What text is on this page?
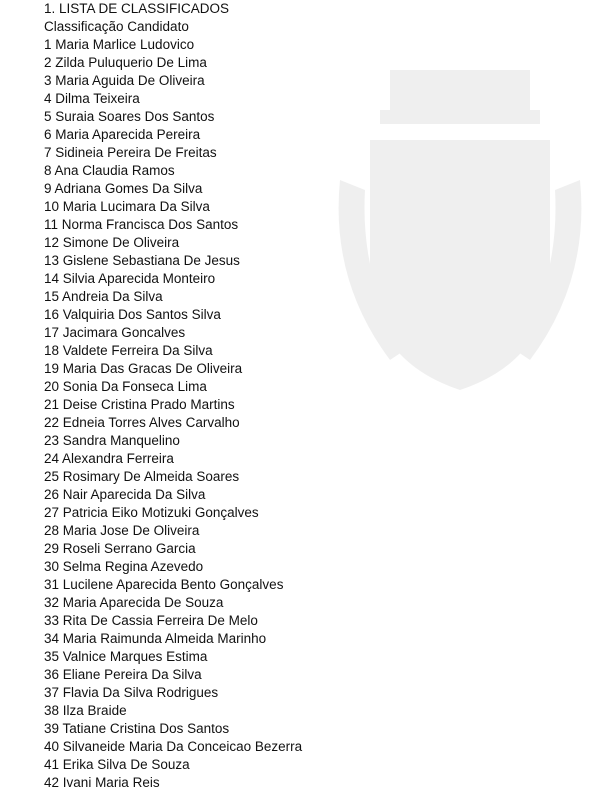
1. LISTA DE CLASSIFICADOS
Classificação Candidato
1 Maria Marlice Ludovico
2 Zilda Puluquerio De Lima
3 Maria Aguida De Oliveira
4 Dilma Teixeira
5 Suraia Soares Dos Santos
6 Maria Aparecida Pereira
7 Sidineia Pereira De Freitas
8 Ana Claudia Ramos
9 Adriana Gomes Da Silva
10 Maria Lucimara Da Silva
11 Norma Francisca Dos Santos
12 Simone De Oliveira
13 Gislene Sebastiana De Jesus
14 Silvia Aparecida Monteiro
15 Andreia Da Silva
16 Valquiria Dos Santos Silva
17 Jacimara Goncalves
18 Valdete Ferreira Da Silva
19 Maria Das Gracas De Oliveira
20 Sonia Da Fonseca Lima
21 Deise Cristina Prado Martins
22 Edneia Torres Alves Carvalho
23 Sandra Manquelino
24 Alexandra Ferreira
25 Rosimary De Almeida Soares
26 Nair Aparecida Da Silva
27 Patricia Eiko Motizuki Gonçalves
28 Maria Jose De Oliveira
29 Roseli Serrano Garcia
30 Selma Regina Azevedo
31 Lucilene Aparecida Bento Gonçalves
32 Maria Aparecida De Souza
33 Rita De Cassia Ferreira De Melo
34 Maria Raimunda Almeida Marinho
35 Valnice Marques Estima
36 Eliane Pereira Da Silva
37 Flavia Da Silva Rodrigues
38 Ilza Braide
39 Tatiane Cristina Dos Santos
40 Silvaneide Maria Da Conceicao Bezerra
41 Erika Silva De Souza
42 Ivani Maria Reis
